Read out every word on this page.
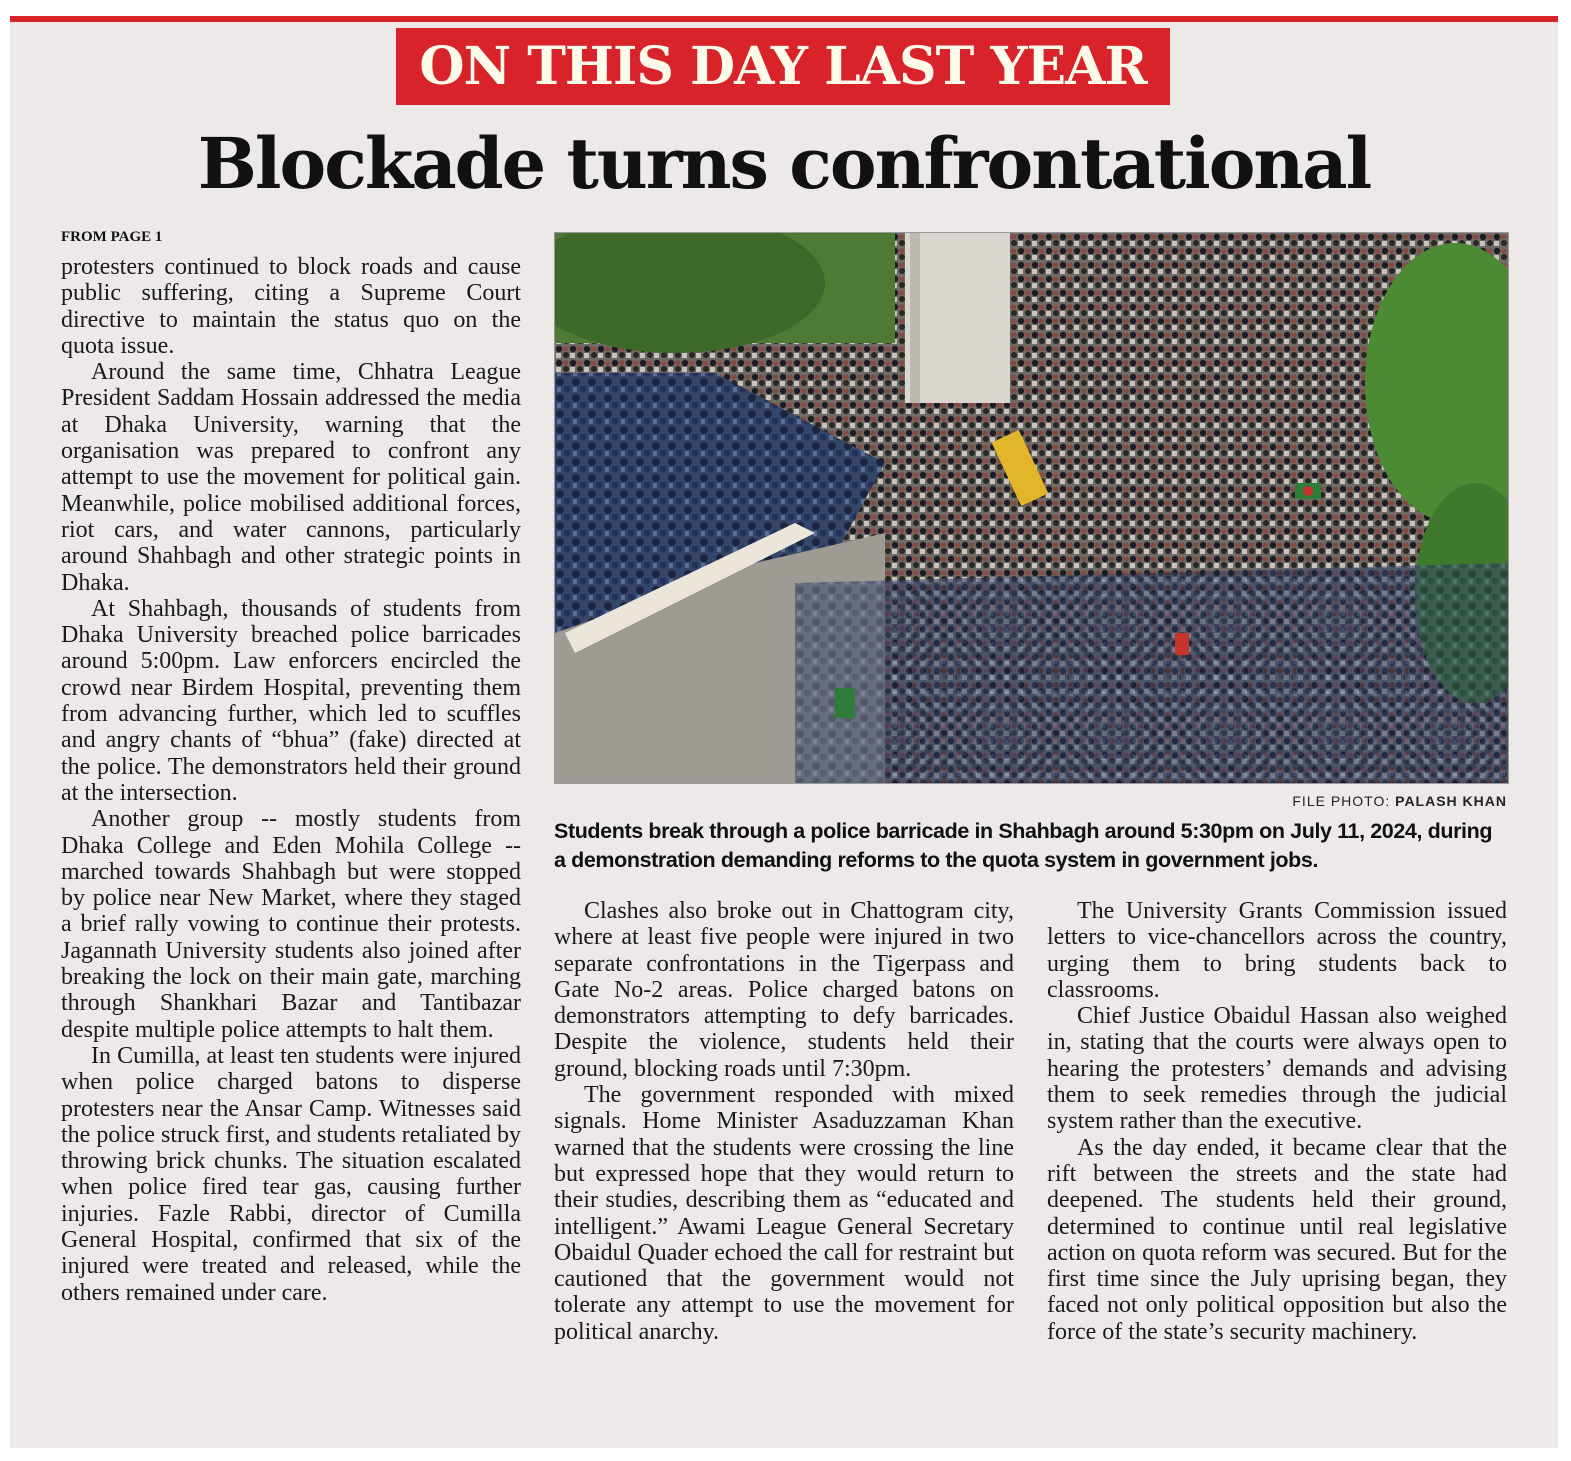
ON THIS DAY LAST YEAR
Blockade turns confrontational
FROM PAGE 1

protesters continued to block roads and cause public suffering, citing a Supreme Court directive to maintain the status quo on the quota issue.

Around the same time, Chhatra League President Saddam Hossain addressed the media at Dhaka University, warning that the organisation was prepared to confront any attempt to use the movement for political gain. Meanwhile, police mobilised additional forces, riot cars, and water cannons, particularly around Shahbagh and other strategic points in Dhaka.

At Shahbagh, thousands of students from Dhaka University breached police barricades around 5:00pm. Law enforcers encircled the crowd near Birdem Hospital, preventing them from advancing further, which led to scuffles and angry chants of “bhua” (fake) directed at the police. The demonstrators held their ground at the intersection.

Another group -- mostly students from Dhaka College and Eden Mohila College -- marched towards Shahbagh but were stopped by police near New Market, where they staged a brief rally vowing to continue their protests. Jagannath University students also joined after breaking the lock on their main gate, marching through Shankhari Bazar and Tantibazar despite multiple police attempts to halt them.

In Cumilla, at least ten students were injured when police charged batons to disperse protesters near the Ansar Camp. Witnesses said the police struck first, and students retaliated by throwing brick chunks. The situation escalated when police fired tear gas, causing further injuries. Fazle Rabbi, director of Cumilla General Hospital, confirmed that six of the injured were treated and released, while the others remained under care.

FILE PHOTO: PALASH KHAN
Students break through a police barricade in Shahbagh around 5:30pm on July 11, 2024, during a demonstration demanding reforms to the quota system in government jobs.

Clashes also broke out in Chattogram city, where at least five people were injured in two separate confrontations in the Tigerpass and Gate No-2 areas. Police charged batons on demonstrators attempting to defy barricades. Despite the violence, students held their ground, blocking roads until 7:30pm.

The government responded with mixed signals. Home Minister Asaduzzaman Khan warned that the students were crossing the line but expressed hope that they would return to their studies, describing them as “educated and intelligent.” Awami League General Secretary Obaidul Quader echoed the call for restraint but cautioned that the government would not tolerate any attempt to use the movement for political anarchy.

The University Grants Commission issued letters to vice-chancellors across the country, urging them to bring students back to classrooms.

Chief Justice Obaidul Hassan also weighed in, stating that the courts were always open to hearing the protesters’ demands and advising them to seek remedies through the judicial system rather than the executive.

As the day ended, it became clear that the rift between the streets and the state had deepened. The students held their ground, determined to continue until real legislative action on quota reform was secured. But for the first time since the July uprising began, they faced not only political opposition but also the force of the state’s security machinery.
